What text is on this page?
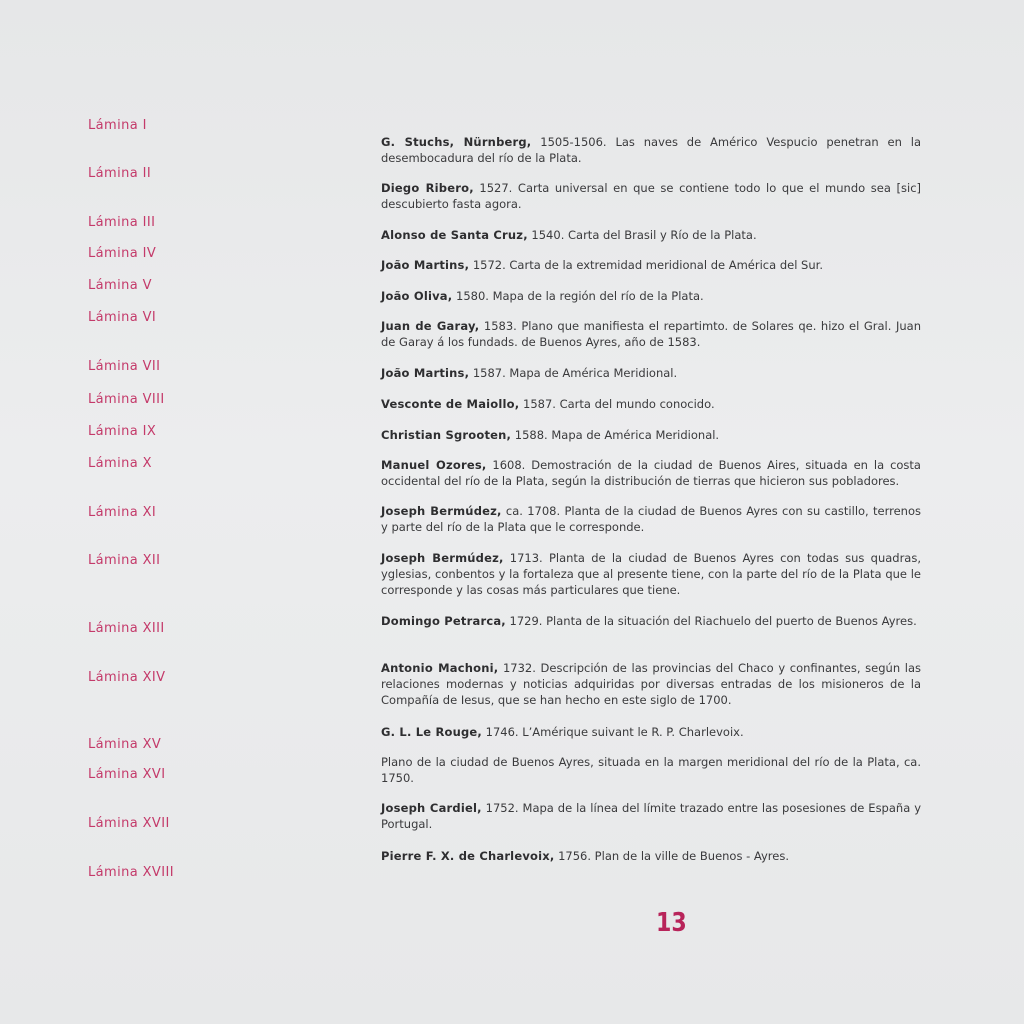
Lámina I
Lámina II
Lámina III
Lámina IV
Lámina V
Lámina VI
Lámina VII
Lámina VIII
Lámina IX
Lámina X
Lámina XI
Lámina XII
Lámina XIII
Lámina XIV
Lámina XV
Lámina XVI
Lámina XVII
Lámina XVIII
G. Stuchs, Nürnberg, 1505-1506. Las naves de Américo Vespucio penetran en la desembocadura del río de la Plata.
Diego Ribero, 1527. Carta universal en que se contiene todo lo que el mundo sea [sic] descubierto fasta agora.
Alonso de Santa Cruz, 1540. Carta del Brasil y Río de la Plata.
João Martins, 1572. Carta de la extremidad meridional de América del Sur.
João Oliva, 1580. Mapa de la región del río de la Plata.
Juan de Garay, 1583. Plano que manifiesta el repartimto. de Solares qe. hizo el Gral. Juan de Garay á los fundads. de Buenos Ayres, año de 1583.
João Martins, 1587. Mapa de América Meridional.
Vesconte de Maiollo, 1587. Carta del mundo conocido.
Christian Sgrooten, 1588. Mapa de América Meridional.
Manuel Ozores, 1608. Demostración de la ciudad de Buenos Aires, situada en la costa occidental del río de la Plata, según la distribución de tierras que hicieron sus pobladores.
Joseph Bermúdez, ca. 1708. Planta de la ciudad de Buenos Ayres con su castillo, terrenos y parte del río de la Plata que le corresponde.
Joseph Bermúdez, 1713. Planta de la ciudad de Buenos Ayres con todas sus quadras, yglesias, conbentos y la fortaleza que al presente tiene, con la parte del río de la Plata que le corresponde y las cosas más particulares que tiene.
Domingo Petrarca, 1729. Planta de la situación del Riachuelo del puerto de Buenos Ayres.
Antonio Machoni, 1732. Descripción de las provincias del Chaco y confinantes, según las relaciones modernas y noticias adquiridas por diversas entradas de los misioneros de la Compañía de Iesus, que se han hecho en este siglo de 1700.
G. L. Le Rouge, 1746. L’Amérique suivant le R. P. Charlevoix.
Plano de la ciudad de Buenos Ayres, situada en la margen meridional del río de la Plata, ca. 1750.
Joseph Cardiel, 1752. Mapa de la línea del límite trazado entre las posesiones de España y Portugal.
Pierre F. X. de Charlevoix, 1756. Plan de la ville de Buenos - Ayres.
13
